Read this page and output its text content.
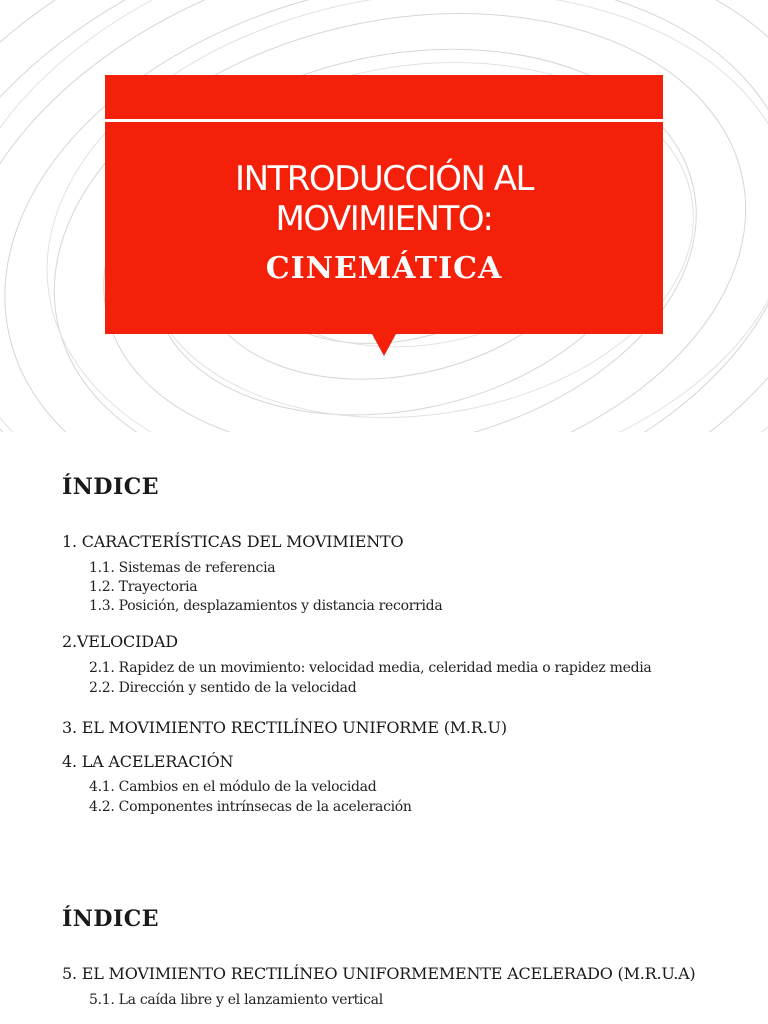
INTRODUCCIÓN AL
MOVIMIENTO:
CINEMÁTICA
ÍNDICE
1. CARACTERÍSTICAS DEL MOVIMIENTO
1.1. Sistemas de referencia
1.2. Trayectoria
1.3. Posición, desplazamientos y distancia recorrida
2.VELOCIDAD
2.1. Rapidez de un movimiento: velocidad media, celeridad media o rapidez media
2.2. Dirección y sentido de la velocidad
3. EL MOVIMIENTO RECTILÍNEO UNIFORME (M.R.U)
4. LA ACELERACIÓN
4.1. Cambios en el módulo de la velocidad
4.2. Componentes intrínsecas de la aceleración
ÍNDICE
5. EL MOVIMIENTO RECTILÍNEO UNIFORMEMENTE ACELERADO (M.R.U.A)
5.1. La caída libre y el lanzamiento vertical
